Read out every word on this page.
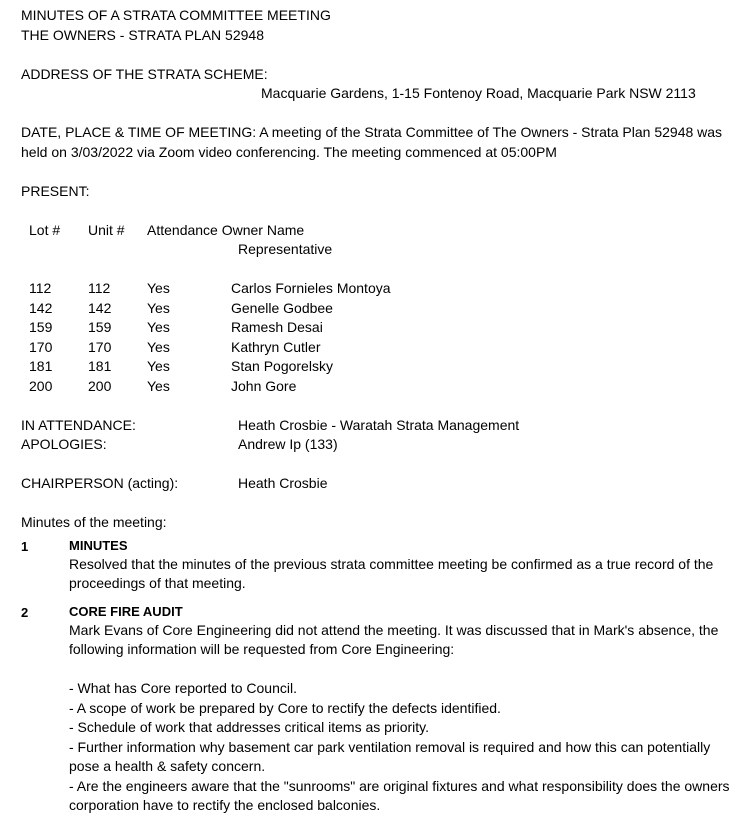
MINUTES OF A STRATA COMMITTEE MEETING
THE OWNERS - STRATA PLAN 52948
ADDRESS OF THE STRATA SCHEME:
Macquarie Gardens, 1-15 Fontenoy Road, Macquarie Park NSW 2113
DATE, PLACE & TIME OF MEETING: A meeting of the Strata Committee of The Owners - Strata Plan 52948 was held on 3/03/2022 via Zoom video conferencing. The meeting commenced at 05:00PM
PRESENT:
Lot #	Unit #	Attendance Owner Name
Representative
112	112	Yes	Carlos Fornieles Montoya
142	142	Yes	Genelle Godbee
159	159	Yes	Ramesh Desai
170	170	Yes	Kathryn Cutler
181	181	Yes	Stan Pogorelsky
200	200	Yes	John Gore
IN ATTENDANCE:	Heath Crosbie - Waratah Strata Management
APOLOGIES:	Andrew Ip (133)
CHAIRPERSON (acting):	Heath Crosbie
Minutes of the meeting:
1	MINUTES
Resolved that the minutes of the previous strata committee meeting be confirmed as a true record of the proceedings of that meeting.
2	CORE FIRE AUDIT
Mark Evans of Core Engineering did not attend the meeting. It was discussed that in Mark's absence, the following information will be requested from Core Engineering:
- What has Core reported to Council.
- A scope of work be prepared by Core to rectify the defects identified.
- Schedule of work that addresses critical items as priority.
- Further information why basement car park ventilation removal is required and how this can potentially pose a health & safety concern.
- Are the engineers aware that the "sunrooms" are original fixtures and what responsibility does the owners corporation have to rectify the enclosed balconies.
